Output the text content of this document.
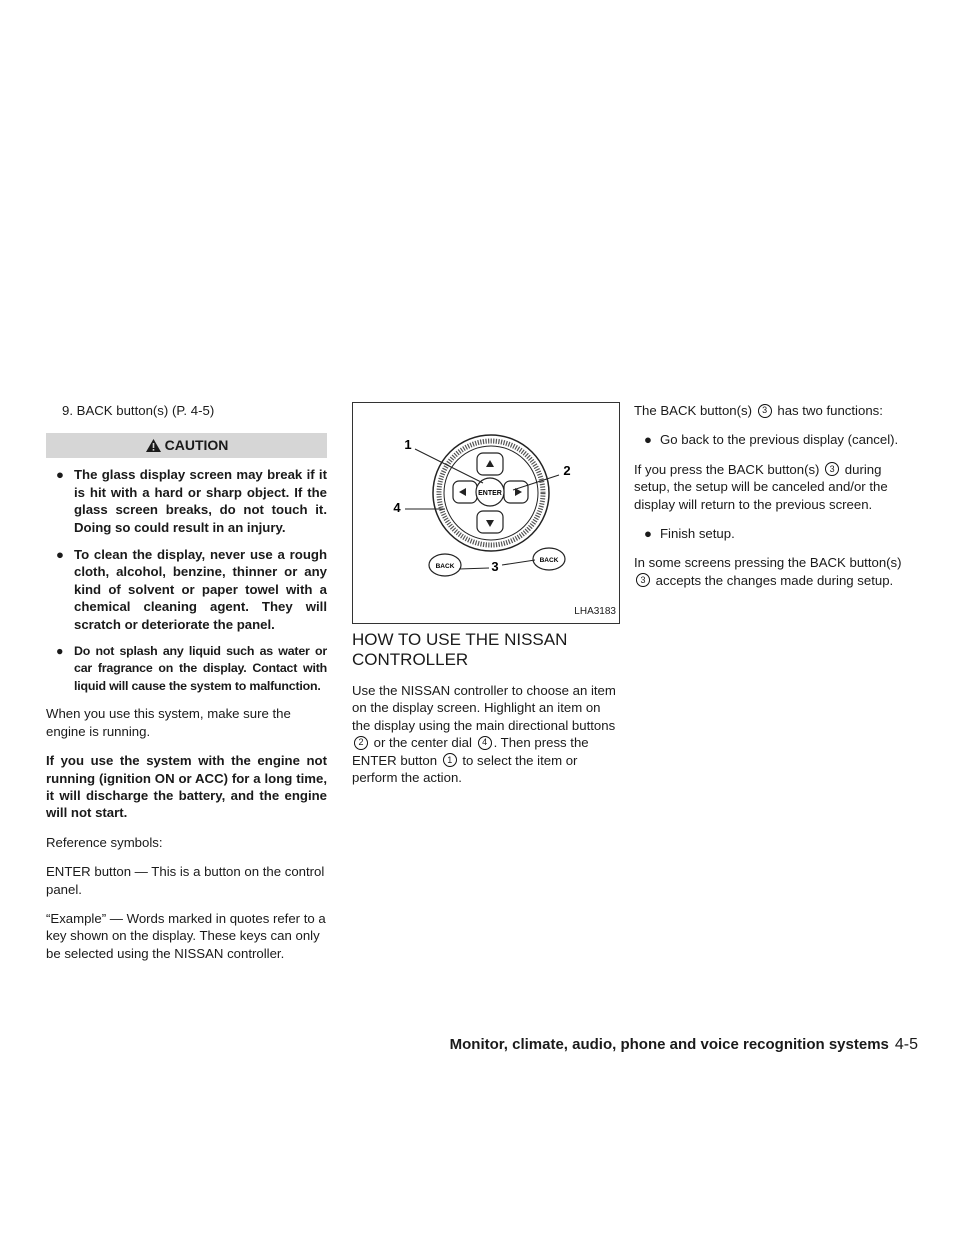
9. BACK button(s) (P. 4-5)
CAUTION
● The glass display screen may break if it is hit with a hard or sharp object. If the glass screen breaks, do not touch it. Doing so could result in an injury.
● To clean the display, never use a rough cloth, alcohol, benzine, thinner or any kind of solvent or paper towel with a chemical cleaning agent. They will scratch or deteriorate the panel.
● Do not splash any liquid such as water or car fragrance on the display. Contact with liquid will cause the system to malfunction.

When you use this system, make sure the engine is running.

If you use the system with the engine not running (ignition ON or ACC) for a long time, it will discharge the battery, and the engine will not start.

Reference symbols:

ENTER button — This is a button on the control panel.

“Example” — Words marked in quotes refer to a key shown on the display. These keys can only be selected using the NISSAN controller.

ENTER
BACK
BACK
1
2
3
4
LHA3183
HOW TO USE THE NISSAN CONTROLLER

Use the NISSAN controller to choose an item on the display screen. Highlight an item on the display using the main directional buttons 2 or the center dial 4 . Then press the ENTER button 1 to select the item or perform the action.

The BACK button(s) 3 has two functions:

● Go back to the previous display (cancel).

If you press the BACK button(s) 3 during setup, the setup will be canceled and/or the display will return to the previous screen.

● Finish setup.

In some screens pressing the BACK button(s) 3 accepts the changes made during setup.

Monitor, climate, audio, phone and voice recognition systems 4-5
